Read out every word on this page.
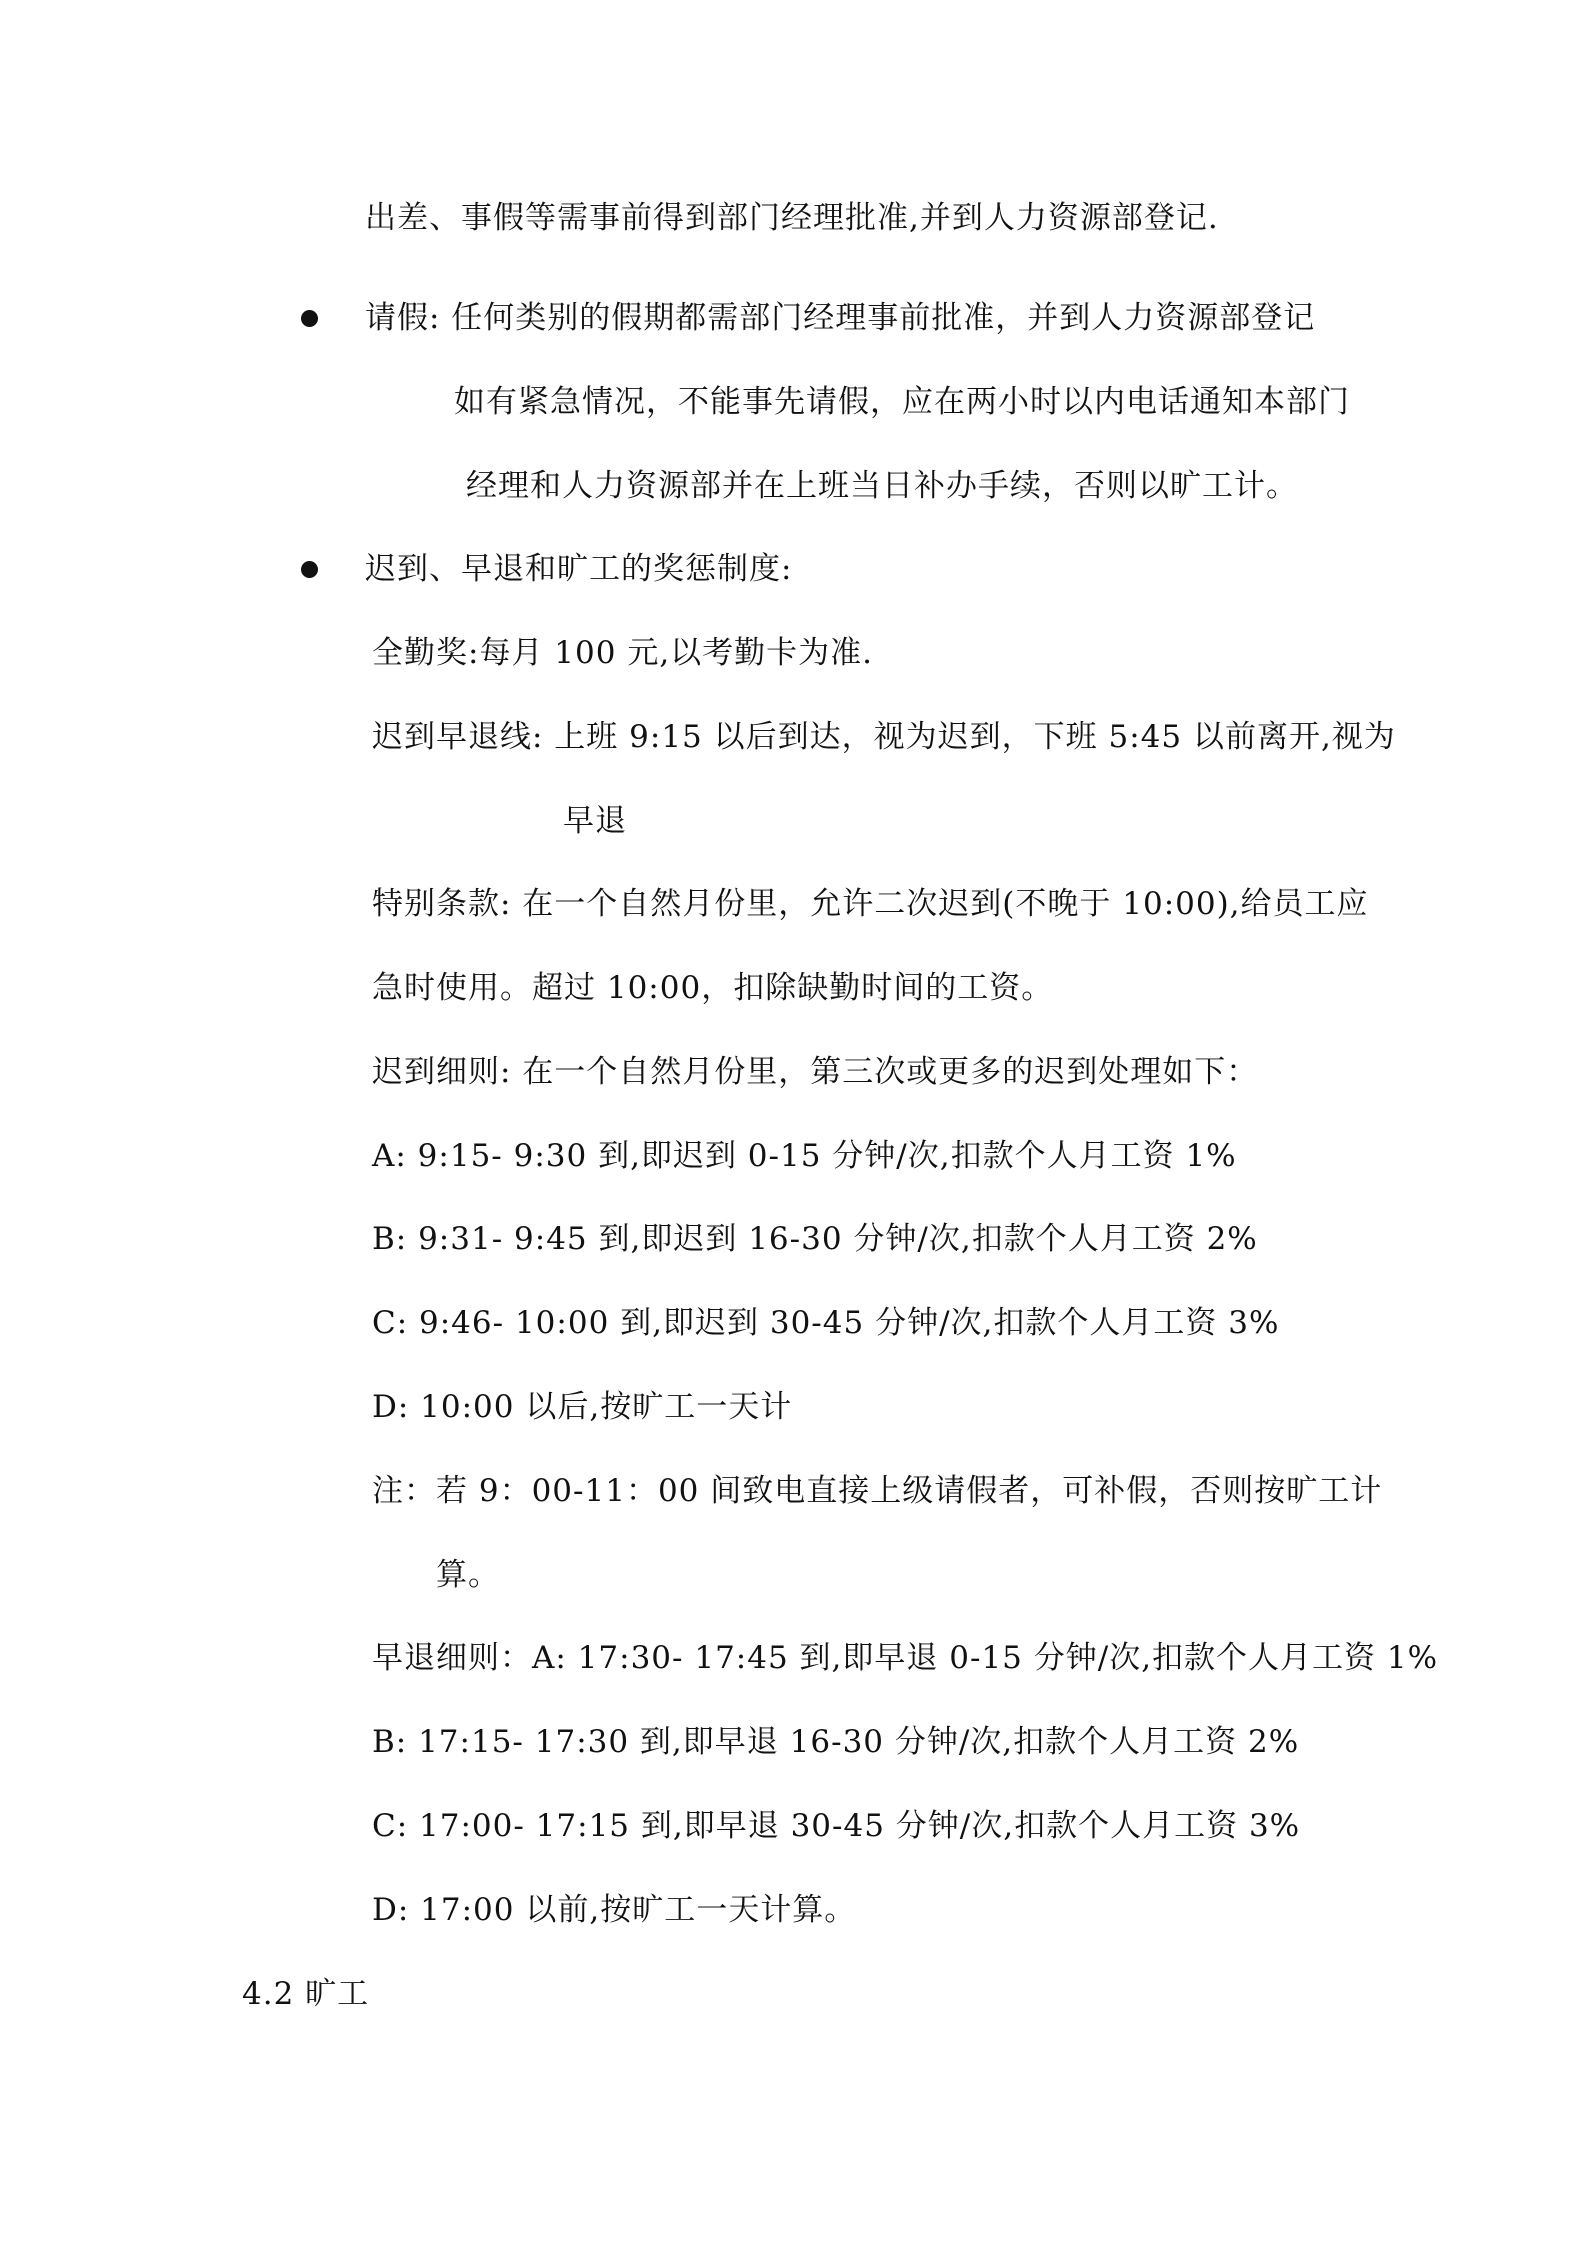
出差、事假等需事前得到部门经理批准,并到人力资源部登记.
请假: 任何类别的假期都需部门经理事前批准，并到人力资源部登记
如有紧急情况，不能事先请假，应在两小时以内电话通知本部门
经理和人力资源部并在上班当日补办手续，否则以旷工计。
迟到、早退和旷工的奖惩制度:
全勤奖:每月 100 元,以考勤卡为准.
迟到早退线: 上班 9:15 以后到达，视为迟到，下班 5:45 以前离开,视为
早退
特别条款: 在一个自然月份里，允许二次迟到(不晚于 10:00),给员工应
急时使用。超过 10:00，扣除缺勤时间的工资。
迟到细则: 在一个自然月份里，第三次或更多的迟到处理如下：
A: 9:15- 9:30 到,即迟到 0-15 分钟/次,扣款个人月工资 1%
B: 9:31- 9:45 到,即迟到 16-30 分钟/次,扣款个人月工资 2%
C: 9:46- 10:00 到,即迟到 30-45 分钟/次,扣款个人月工资 3%
D: 10:00 以后,按旷工一天计
注：若 9：00-11：00 间致电直接上级请假者，可补假，否则按旷工计
算。
早退细则：A: 17:30- 17:45 到,即早退 0-15 分钟/次,扣款个人月工资 1%
B: 17:15- 17:30 到,即早退 16-30 分钟/次,扣款个人月工资 2%
C: 17:00- 17:15 到,即早退 30-45 分钟/次,扣款个人月工资 3%
D: 17:00 以前,按旷工一天计算。
4.2 旷工
